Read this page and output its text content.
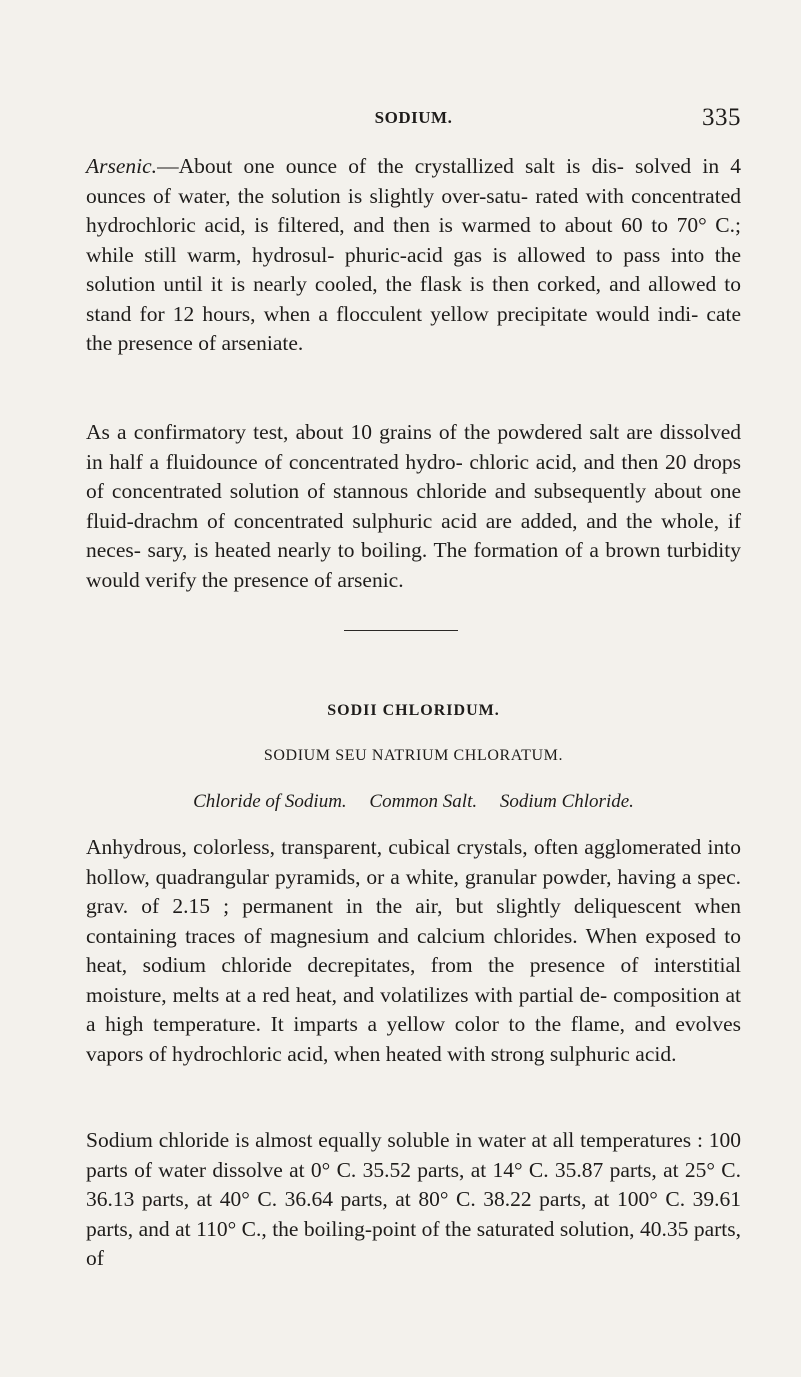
SODIUM.	335

Arsenic.—About one ounce of the crystallized salt is dis- solved in 4 ounces of water, the solution is slightly over-satu- rated with concentrated hydrochloric acid, is filtered, and then is warmed to about 60 to 70° C.; while still warm, hydrosul- phuric-acid gas is allowed to pass into the solution until it is nearly cooled, the flask is then corked, and allowed to stand for 12 hours, when a flocculent yellow precipitate would indi- cate the presence of arseniate.

As a confirmatory test, about 10 grains of the powdered salt are dissolved in half a fluidounce of concentrated hydro- chloric acid, and then 20 drops of concentrated solution of stannous chloride and subsequently about one fluid-drachm of concentrated sulphuric acid are added, and the whole, if neces- sary, is heated nearly to boiling. The formation of a brown turbidity would verify the presence of arsenic.

SODII CHLORIDUM.
SODIUM SEU NATRIUM CHLORATUM.
Chloride of Sodium. Common Salt. Sodium Chloride.

Anhydrous, colorless, transparent, cubical crystals, often agglomerated into hollow, quadrangular pyramids, or a white, granular powder, having a spec. grav. of 2.15 ; permanent in the air, but slightly deliquescent when containing traces of magnesium and calcium chlorides. When exposed to heat, sodium chloride decrepitates, from the presence of interstitial moisture, melts at a red heat, and volatilizes with partial de- composition at a high temperature. It imparts a yellow color to the flame, and evolves vapors of hydrochloric acid, when heated with strong sulphuric acid.

Sodium chloride is almost equally soluble in water at all temperatures : 100 parts of water dissolve at 0° C. 35.52 parts, at 14° C. 35.87 parts, at 25° C. 36.13 parts, at 40° C. 36.64 parts, at 80° C. 38.22 parts, at 100° C. 39.61 parts, and at 110° C., the boiling-point of the saturated solution, 40.35 parts, of
